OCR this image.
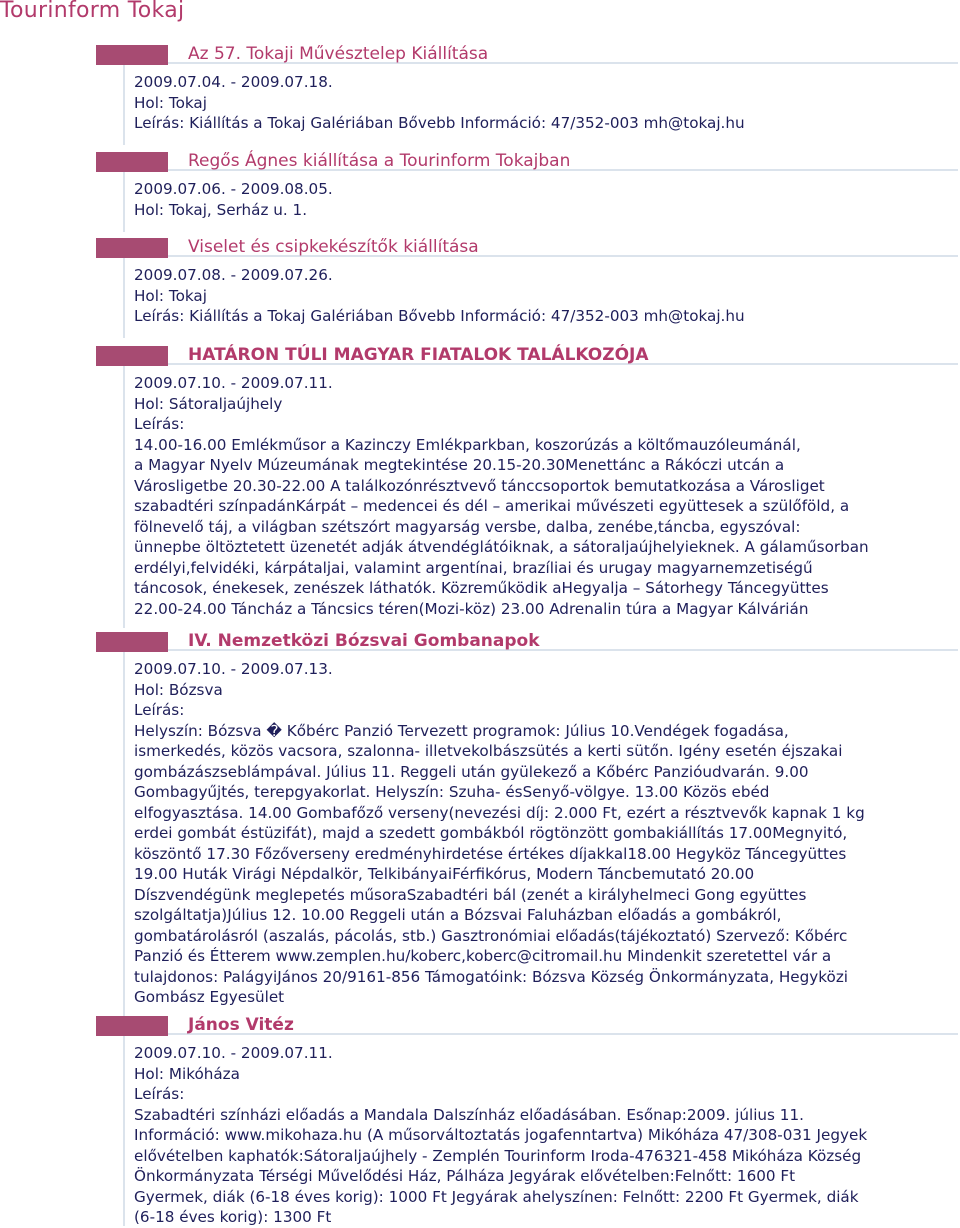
Tourinform Tokaj
Az 57. Tokaji Művésztelep Kiállítása
2009.07.04. - 2009.07.18.
Hol: Tokaj
Leírás: Kiállítás a Tokaj Galériában Bővebb Információ: 47/352-003 mh@tokaj.hu
Regős Ágnes kiállítása a Tourinform Tokajban
2009.07.06. - 2009.08.05.
Hol: Tokaj, Serház u. 1.
Viselet és csipkekészítők kiállítása
2009.07.08. - 2009.07.26.
Hol: Tokaj
Leírás: Kiállítás a Tokaj Galériában Bővebb Információ: 47/352-003 mh@tokaj.hu
HATÁRON TÚLI MAGYAR FIATALOK TALÁLKOZÓJA
2009.07.10. - 2009.07.11.
Hol: Sátoraljaújhely
Leírás:
14.00-16.00 Emlékműsor a Kazinczy Emlékparkban, koszorúzás a költőmauzóleumánál,
a Magyar Nyelv Múzeumának megtekintése 20.15-20.30Menettánc a Rákóczi utcán a
Városligetbe 20.30-22.00 A találkozónrésztvevő tánccsoportok bemutatkozása a Városliget
szabadtéri színpadánKárpát – medencei és dél – amerikai művészeti együttesek a szülőföld, a
fölnevelő táj, a világban szétszórt magyarság versbe, dalba, zenébe,táncba, egyszóval:
ünnepbe öltöztetett üzenetét adják átvendéglátóiknak, a sátoraljaújhelyieknek. A gálaműsorban
erdélyi,felvidéki, kárpátaljai, valamint argentínai, brazíliai és urugay magyarnemzetiségű
táncosok, énekesek, zenészek láthatók. Közreműködik aHegyalja – Sátorhegy Táncegyüttes
22.00-24.00 Táncház a Táncsics téren(Mozi-köz) 23.00 Adrenalin túra a Magyar Kálvárián
IV. Nemzetközi Bózsvai Gombanapok
2009.07.10. - 2009.07.13.
Hol: Bózsva
Leírás:
Helyszín: Bózsva � Kőbérc Panzió Tervezett programok: Július 10.Vendégek fogadása,
ismerkedés, közös vacsora, szalonna- illetvekolbászsütés a kerti sütőn. Igény esetén éjszakai
gombázászseblámpával. Július 11. Reggeli után gyülekező a Kőbérc Panzióudvarán. 9.00
Gombagyűjtés, terepgyakorlat. Helyszín: Szuha- ésSenyő-völgye. 13.00 Közös ebéd
elfogyasztása. 14.00 Gombafőző verseny(nevezési díj: 2.000 Ft, ezért a résztvevők kapnak 1 kg
erdei gombát éstüzifát), majd a szedett gombákból rögtönzött gombakiállítás 17.00Megnyitó,
köszöntő 17.30 Főzőverseny eredményhirdetése értékes díjakkal18.00 Hegyköz Táncegyüttes
19.00 Huták Virági Népdalkör, TelkibányaiFérfikórus, Modern Táncbemutató 20.00
Díszvendégünk meglepetés műsoraSzabadtéri bál (zenét a királyhelmeci Gong együttes
szolgáltatja)Július 12. 10.00 Reggeli után a Bózsvai Faluházban előadás a gombákról,
gombatárolásról (aszalás, pácolás, stb.) Gasztronómiai előadás(tájékoztató) Szervező: Kőbérc
Panzió és Étterem www.zemplen.hu/koberc,koberc@citromail.hu Mindenkit szeretettel vár a
tulajdonos: PalágyiJános 20/9161-856 Támogatóink: Bózsva Község Önkormányzata, Hegyközi
Gombász Egyesület
János Vitéz
2009.07.10. - 2009.07.11.
Hol: Mikóháza
Leírás:
Szabadtéri színházi előadás a Mandala Dalszínház előadásában. Esőnap:2009. július 11.
Információ: www.mikohaza.hu (A műsorváltoztatás jogafenntartva) Mikóháza 47/308-031 Jegyek
elővételben kaphatók:Sátoraljaújhely - Zemplén Tourinform Iroda-476321-458 Mikóháza Község
Önkormányzata Térségi Művelődési Ház, Pálháza Jegyárak elővételben:Felnőtt: 1600 Ft
Gyermek, diák (6-18 éves korig): 1000 Ft Jegyárak ahelyszínen: Felnőtt: 2200 Ft Gyermek, diák
(6-18 éves korig): 1300 Ft
